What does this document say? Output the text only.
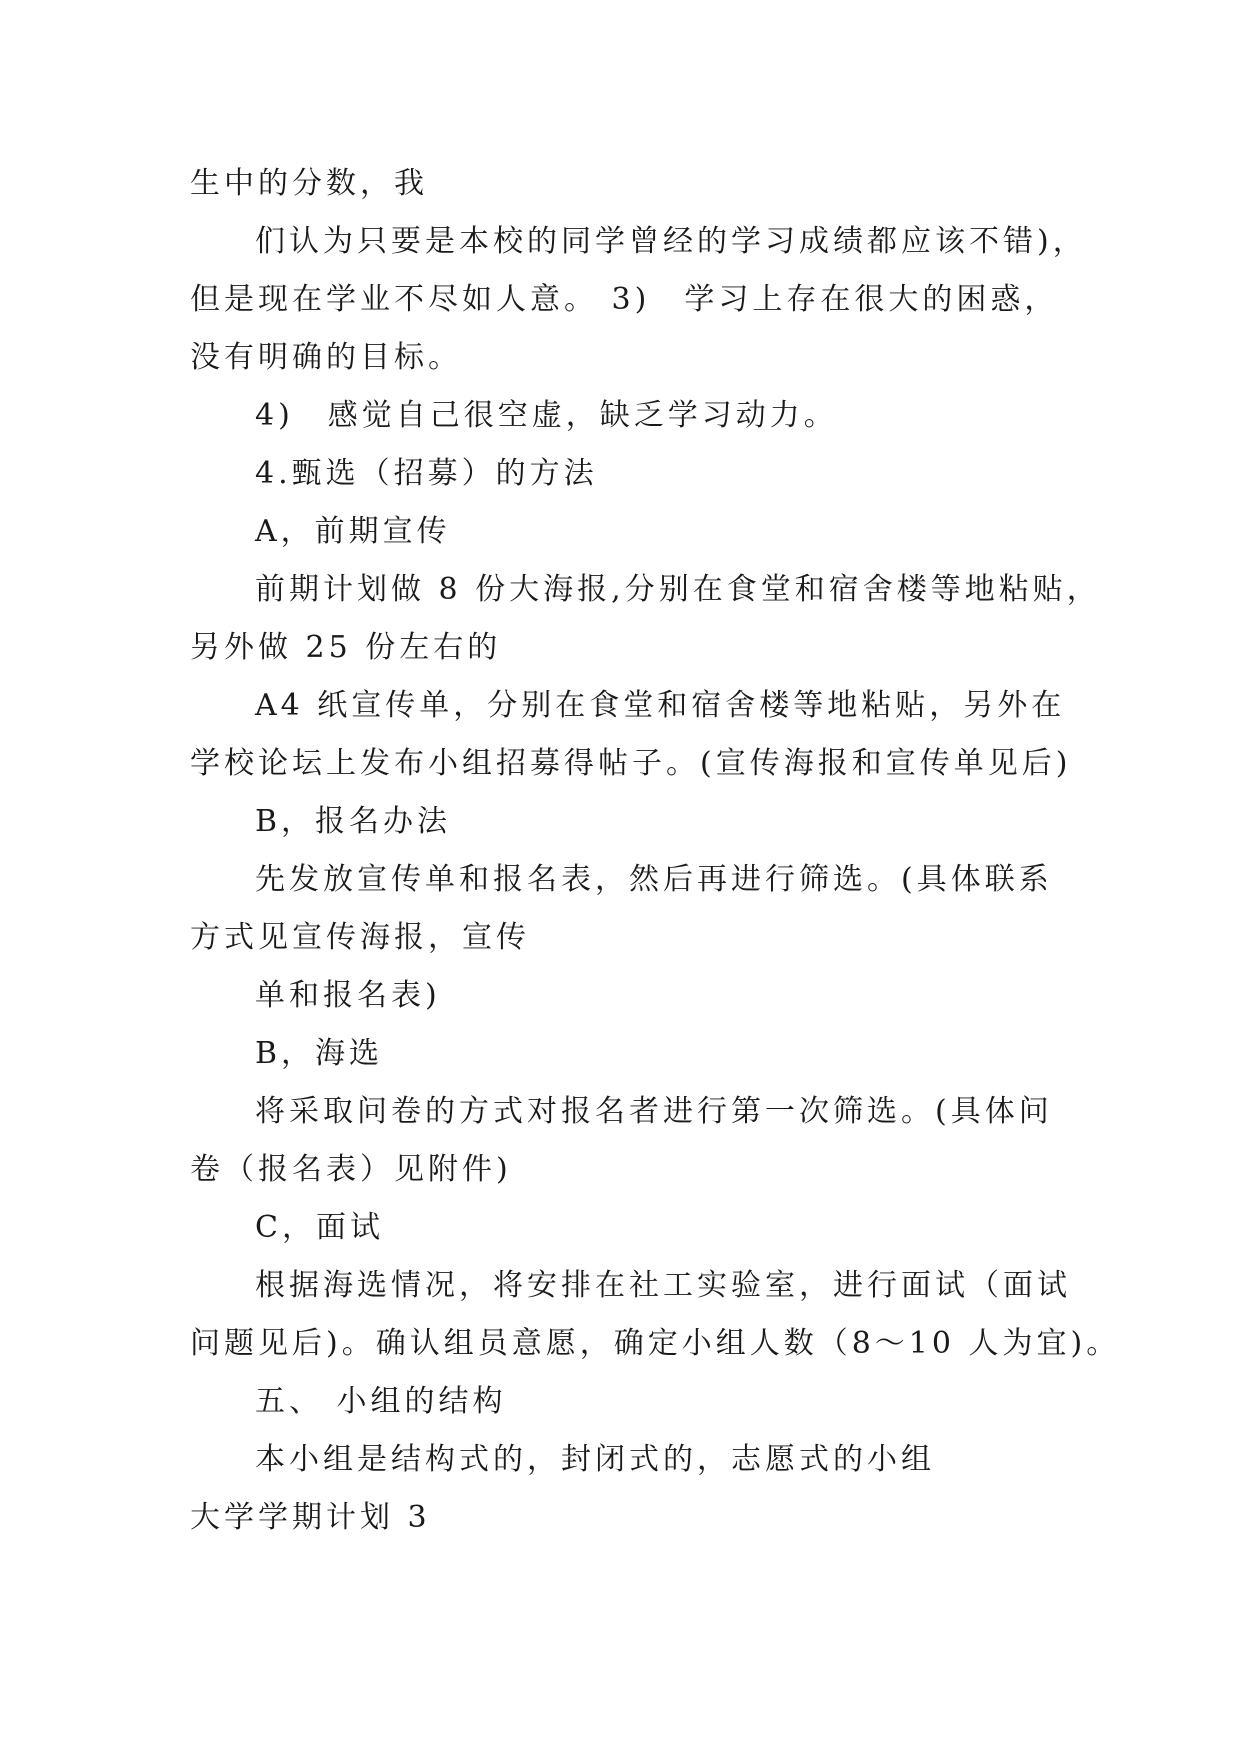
生中的分数，我
们认为只要是本校的同学曾经的学习成绩都应该不错)，
但是现在学业不尽如人意。 3)　学习上存在很大的困惑，
没有明确的目标。
4)　感觉自己很空虚，缺乏学习动力。
4.甄选（招募）的方法
A，前期宣传
前期计划做 8 份大海报,分别在食堂和宿舍楼等地粘贴，
另外做 25 份左右的
A4 纸宣传单，分别在食堂和宿舍楼等地粘贴，另外在
学校论坛上发布小组招募得帖子。(宣传海报和宣传单见后)
B，报名办法
先发放宣传单和报名表，然后再进行筛选。(具体联系
方式见宣传海报，宣传
单和报名表)
B，海选
将采取问卷的方式对报名者进行第一次筛选。(具体问
卷（报名表）见附件)
C，面试
根据海选情况，将安排在社工实验室，进行面试（面试
问题见后)。确认组员意愿，确定小组人数（8～10 人为宜)。
五、 小组的结构
本小组是结构式的，封闭式的，志愿式的小组
大学学期计划 3
